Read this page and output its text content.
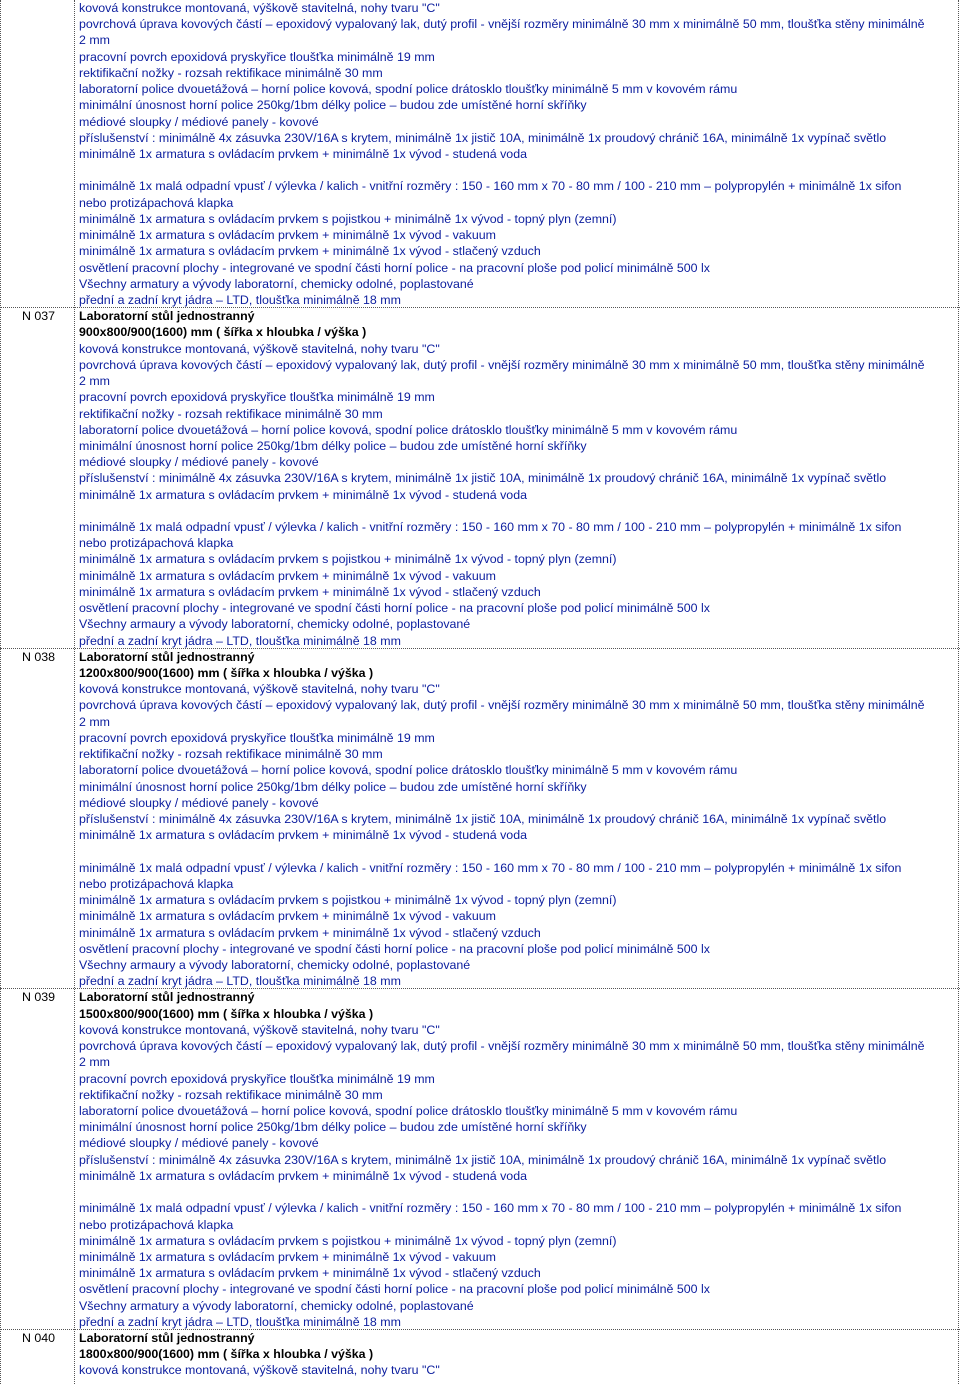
kovová konstrukce montovaná, výškově stavitelná, nohy tvaru "C"
povrchová úprava kovových částí – epoxidový vypalovaný lak, dutý profil - vnější rozměry minimálně 30 mm x minimálně 50 mm, tloušťka stěny minimálně
2 mm
pracovní povrch epoxidová pryskyřice tloušťka minimálně 19 mm
rektifikační nožky - rozsah rektifikace minimálně 30 mm
laboratorní police dvouetážová – horní police kovová, spodní police drátosklo tloušťky minimálně 5 mm v kovovém rámu
minimální únosnost horní police 250kg/1bm délky police – budou zde umístěné horní skříňky
médiové sloupky / médiové panely - kovové
příslušenství : minimálně 4x zásuvka 230V/16A s krytem, minimálně 1x jistič 10A, minimálně 1x proudový chránič 16A, minimálně 1x vypínač světlo
minimálně 1x armatura s ovládacím prvkem + minimálně 1x vývod - studená voda
minimálně 1x malá odpadní vpusť / výlevka / kalich - vnitřní rozměry : 150 - 160 mm x 70 - 80 mm / 100 - 210 mm – polypropylén + minimálně 1x sifon
nebo protizápachová klapka
minimálně 1x armatura s ovládacím prvkem s pojistkou + minimálně 1x vývod - topný plyn (zemní)
minimálně 1x armatura s ovládacím prvkem + minimálně 1x vývod - vakuum
minimálně 1x armatura s ovládacím prvkem + minimálně 1x vývod - stlačený vzduch
osvětlení pracovní plochy - integrované ve spodní části horní police - na pracovní ploše pod policí minimálně 500 lx
Všechny armatury a vývody laboratorní, chemicky odolné, poplastované
přední a zadní kryt jádra – LTD, tloušťka minimálně 18 mm
Laboratorní stůl jednostranný
N 037
900x800/900(1600) mm ( šířka x hloubka / výška )
kovová konstrukce montovaná, výškově stavitelná, nohy tvaru "C"
povrchová úprava kovových částí – epoxidový vypalovaný lak, dutý profil - vnější rozměry minimálně 30 mm x minimálně 50 mm, tloušťka stěny minimálně
2 mm
pracovní povrch epoxidová pryskyřice tloušťka minimálně 19 mm
rektifikační nožky - rozsah rektifikace minimálně 30 mm
laboratorní police dvouetážová – horní police kovová, spodní police drátosklo tloušťky minimálně 5 mm v kovovém rámu
minimální únosnost horní police 250kg/1bm délky police – budou zde umístěné horní skříňky
médiové sloupky / médiové panely - kovové
příslušenství : minimálně 4x zásuvka 230V/16A s krytem, minimálně 1x jistič 10A, minimálně 1x proudový chránič 16A, minimálně 1x vypínač světlo
minimálně 1x armatura s ovládacím prvkem + minimálně 1x vývod - studená voda
minimálně 1x malá odpadní vpusť / výlevka / kalich - vnitřní rozměry : 150 - 160 mm x 70 - 80 mm / 100 - 210 mm – polypropylén + minimálně 1x sifon
nebo protizápachová klapka
minimálně 1x armatura s ovládacím prvkem s pojistkou + minimálně 1x vývod - topný plyn (zemní)
minimálně 1x armatura s ovládacím prvkem + minimálně 1x vývod - vakuum
minimálně 1x armatura s ovládacím prvkem + minimálně 1x vývod - stlačený vzduch
osvětlení pracovní plochy - integrované ve spodní části horní police - na pracovní ploše pod policí minimálně 500 lx
Všechny armaury a vývody laboratorní, chemicky odolné, poplastované
přední a zadní kryt jádra – LTD, tloušťka minimálně 18 mm
Laboratorní stůl jednostranný
N 038
1200x800/900(1600) mm ( šířka x hloubka / výška )
kovová konstrukce montovaná, výškově stavitelná, nohy tvaru "C"
povrchová úprava kovových částí – epoxidový vypalovaný lak, dutý profil - vnější rozměry minimálně 30 mm x minimálně 50 mm, tloušťka stěny minimálně
2 mm
pracovní povrch epoxidová pryskyřice tloušťka minimálně 19 mm
rektifikační nožky - rozsah rektifikace minimálně 30 mm
laboratorní police dvouetážová – horní police kovová, spodní police drátosklo tloušťky minimálně 5 mm v kovovém rámu
minimální únosnost horní police 250kg/1bm délky police – budou zde umístěné horní skříňky
médiové sloupky / médiové panely - kovové
příslušenství : minimálně 4x zásuvka 230V/16A s krytem, minimálně 1x jistič 10A, minimálně 1x proudový chránič 16A, minimálně 1x vypínač světlo
minimálně 1x armatura s ovládacím prvkem + minimálně 1x vývod - studená voda
minimálně 1x malá odpadní vpusť / výlevka / kalich - vnitřní rozměry : 150 - 160 mm x 70 - 80 mm / 100 - 210 mm – polypropylén + minimálně 1x sifon
nebo protizápachová klapka
minimálně 1x armatura s ovládacím prvkem s pojistkou + minimálně 1x vývod - topný plyn (zemní)
minimálně 1x armatura s ovládacím prvkem + minimálně 1x vývod - vakuum
minimálně 1x armatura s ovládacím prvkem + minimálně 1x vývod - stlačený vzduch
osvětlení pracovní plochy - integrované ve spodní části horní police - na pracovní ploše pod policí minimálně 500 lx
Všechny armaury a vývody laboratorní, chemicky odolné, poplastované
přední a zadní kryt jádra – LTD, tloušťka minimálně 18 mm
Laboratorní stůl jednostranný
N 039
1500x800/900(1600) mm ( šířka x hloubka / výška )
kovová konstrukce montovaná, výškově stavitelná, nohy tvaru "C"
povrchová úprava kovových částí – epoxidový vypalovaný lak, dutý profil - vnější rozměry minimálně 30 mm x minimálně 50 mm, tloušťka stěny minimálně
2 mm
pracovní povrch epoxidová pryskyřice tloušťka minimálně 19 mm
rektifikační nožky - rozsah rektifikace minimálně 30 mm
laboratorní police dvouetážová – horní police kovová, spodní police drátosklo tloušťky minimálně 5 mm v kovovém rámu
minimální únosnost horní police 250kg/1bm délky police – budou zde umístěné horní skříňky
médiové sloupky / médiové panely - kovové
příslušenství : minimálně 4x zásuvka 230V/16A s krytem, minimálně 1x jistič 10A, minimálně 1x proudový chránič 16A, minimálně 1x vypínač světlo
minimálně 1x armatura s ovládacím prvkem + minimálně 1x vývod - studená voda
minimálně 1x malá odpadní vpusť / výlevka / kalich - vnitřní rozměry : 150 - 160 mm x 70 - 80 mm / 100 - 210 mm – polypropylén + minimálně 1x sifon
nebo protizápachová klapka
minimálně 1x armatura s ovládacím prvkem s pojistkou + minimálně 1x vývod - topný plyn (zemní)
minimálně 1x armatura s ovládacím prvkem + minimálně 1x vývod - vakuum
minimálně 1x armatura s ovládacím prvkem + minimálně 1x vývod - stlačený vzduch
osvětlení pracovní plochy - integrované ve spodní části horní police - na pracovní ploše pod policí minimálně 500 lx
Všechny armatury a vývody laboratorní, chemicky odolné, poplastované
přední a zadní kryt jádra – LTD, tloušťka minimálně 18 mm
Laboratorní stůl jednostranný
N 040
1800x800/900(1600) mm ( šířka x hloubka / výška )
kovová konstrukce montovaná, výškově stavitelná, nohy tvaru "C"
